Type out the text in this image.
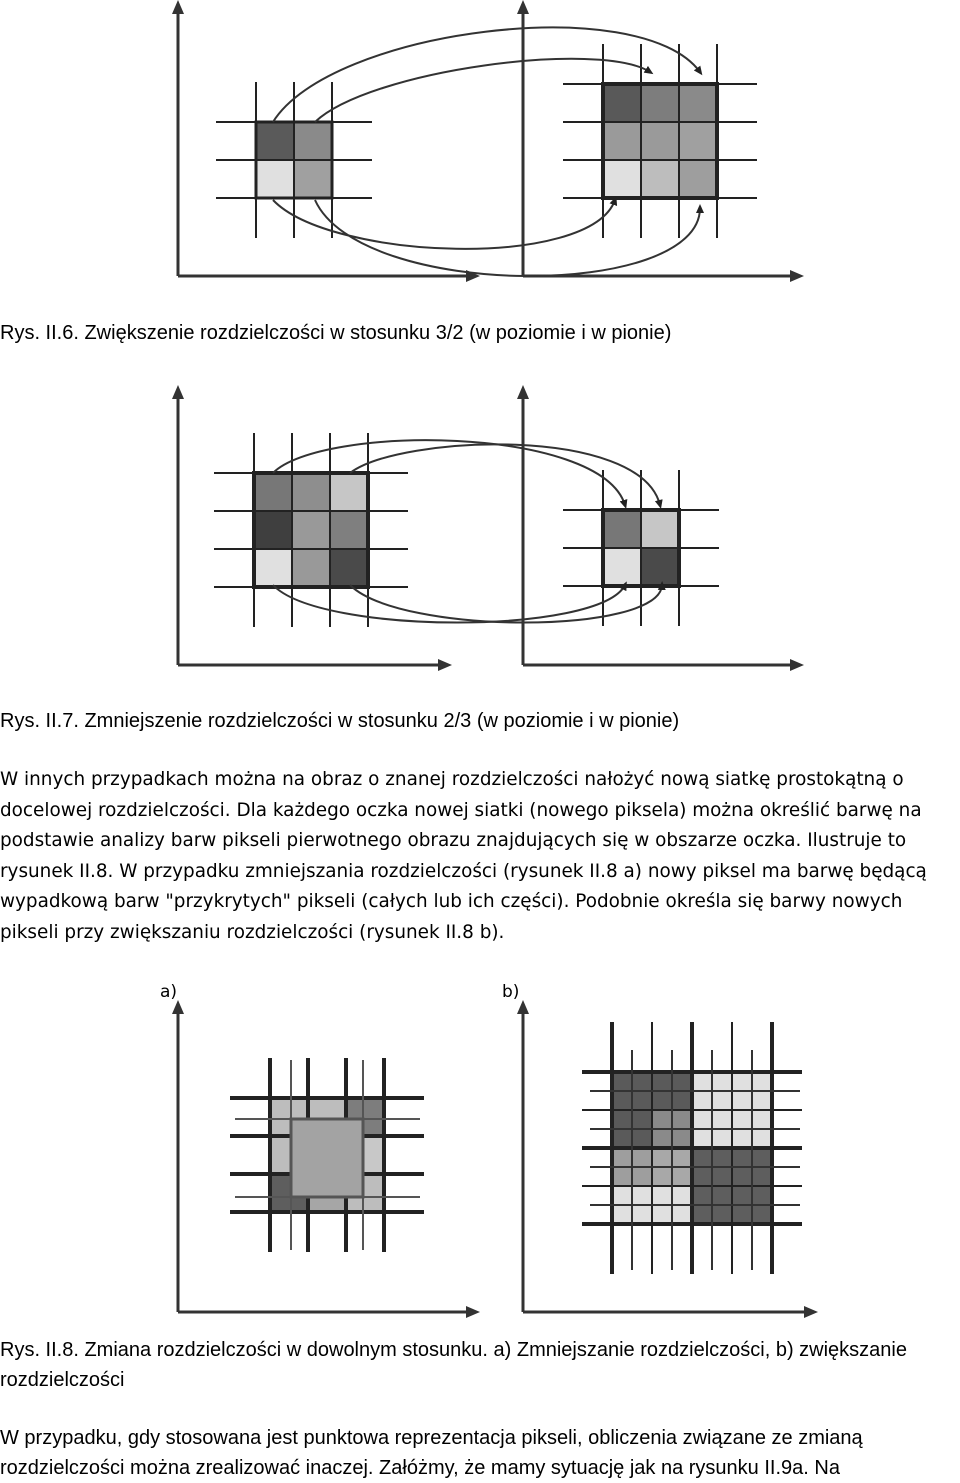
Rys. II.6. Zwiększenie rozdzielczości w stosunku 3/2 (w poziomie i w pionie)

Rys. II.7. Zmniejszenie rozdzielczości w stosunku 2/3 (w poziomie i w pionie)

W innych przypadkach można na obraz o znanej rozdzielczości nałożyć nową siatkę prostokątną o
docelowej rozdzielczości. Dla każdego oczka nowej siatki (nowego piksela) można określić barwę na
podstawie analizy barw pikseli pierwotnego obrazu znajdujących się w obszarze oczka. Ilustruje to
rysunek II.8. W przypadku zmniejszania rozdzielczości (rysunek II.8 a) nowy piksel ma barwę będącą
wypadkową barw "przykrytych" pikseli (całych lub ich części). Podobnie określa się barwy nowych
pikseli przy zwiększaniu rozdzielczości (rysunek II.8 b).

a)	b)
Rys. II.8. Zmiana rozdzielczości w dowolnym stosunku. a) Zmniejszanie rozdzielczości, b) zwiększanie
rozdzielczości
W przypadku, gdy stosowana jest punktowa reprezentacja pikseli, obliczenia związane ze zmianą
rozdzielczości można zrealizować inaczej. Załóżmy, że mamy sytuację jak na rysunku II.9a. Na
